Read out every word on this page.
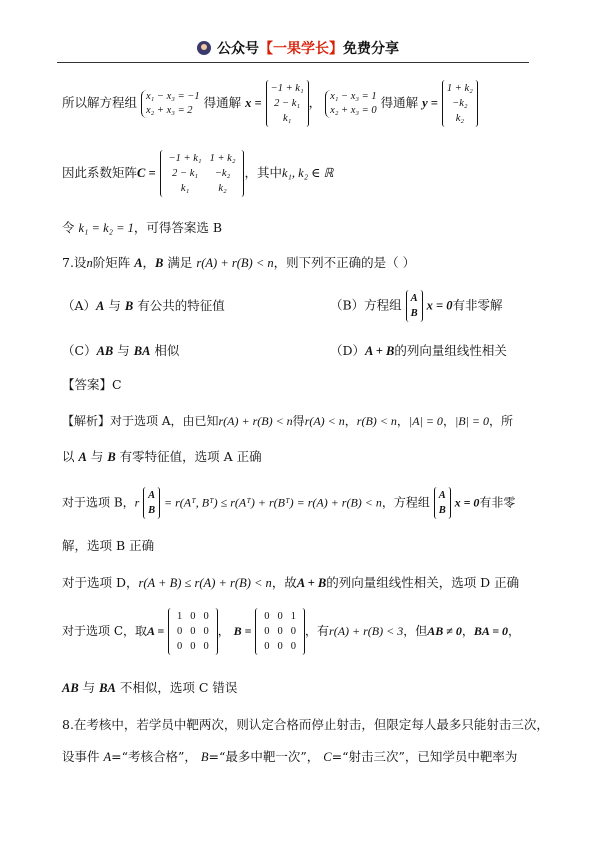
公众号【一果学长】免费分享
所以解方程组 x₁ − x₃ = −1
x₂ + x₃ = 2 得通解 x = −1 + k₁
2 − k₁
k₁， x₁ − x₃ = 1
x₂ + x₃ = 0 得通解 y = 1 + k₂
−k₂
k₂
因此系数矩阵C =
−1 + k₁	1 + k₂
2 − k₁	−k₂
k₁	k₂
，其中k₁, k₂ ∈ ℝ
令 k₁ = k₂ = 1，可得答案选 B
7.设n阶矩阵 A，B 满足 r(A) + r(B) < n，则下列不正确的是（ ）
（A）A 与 B 有公共的特征值	（B）方程组 A
B x = 0有非零解
（C）AB 与 BA 相似	（D）A + B的列向量组线性相关
【答案】C
【解析】对于选项 A，由已知r(A) + r(B) < n得r(A) < n，r(B) < n，|A| = 0，|B| = 0，所
以 A 与 B 有零特征值，选项 A 正确
对于选项 B，r A
B = r(Aᵀ, Bᵀ) ≤ r(Aᵀ) + r(Bᵀ) = r(A) + r(B) < n，方程组 A
B x = 0有非零
解，选项 B 正确
对于选项 D，r(A + B) ≤ r(A) + r(B) < n，故A + B的列向量组线性相关，选项 D 正确
对于选项 C，取A =
1	0	0
0	0	0
0	0	0
， B =
0	0	1
0	0	0
0	0	0
，有r(A) + r(B) < 3，但AB ≠ 0，BA = 0，
AB 与 BA 不相似，选项 C 错误
8.在考核中，若学员中靶两次，则认定合格而停止射击，但限定每人最多只能射击三次，
设事件 A=“考核合格”， B=“最多中靶一次”， C=“射击三次”，已知学员中靶率为
